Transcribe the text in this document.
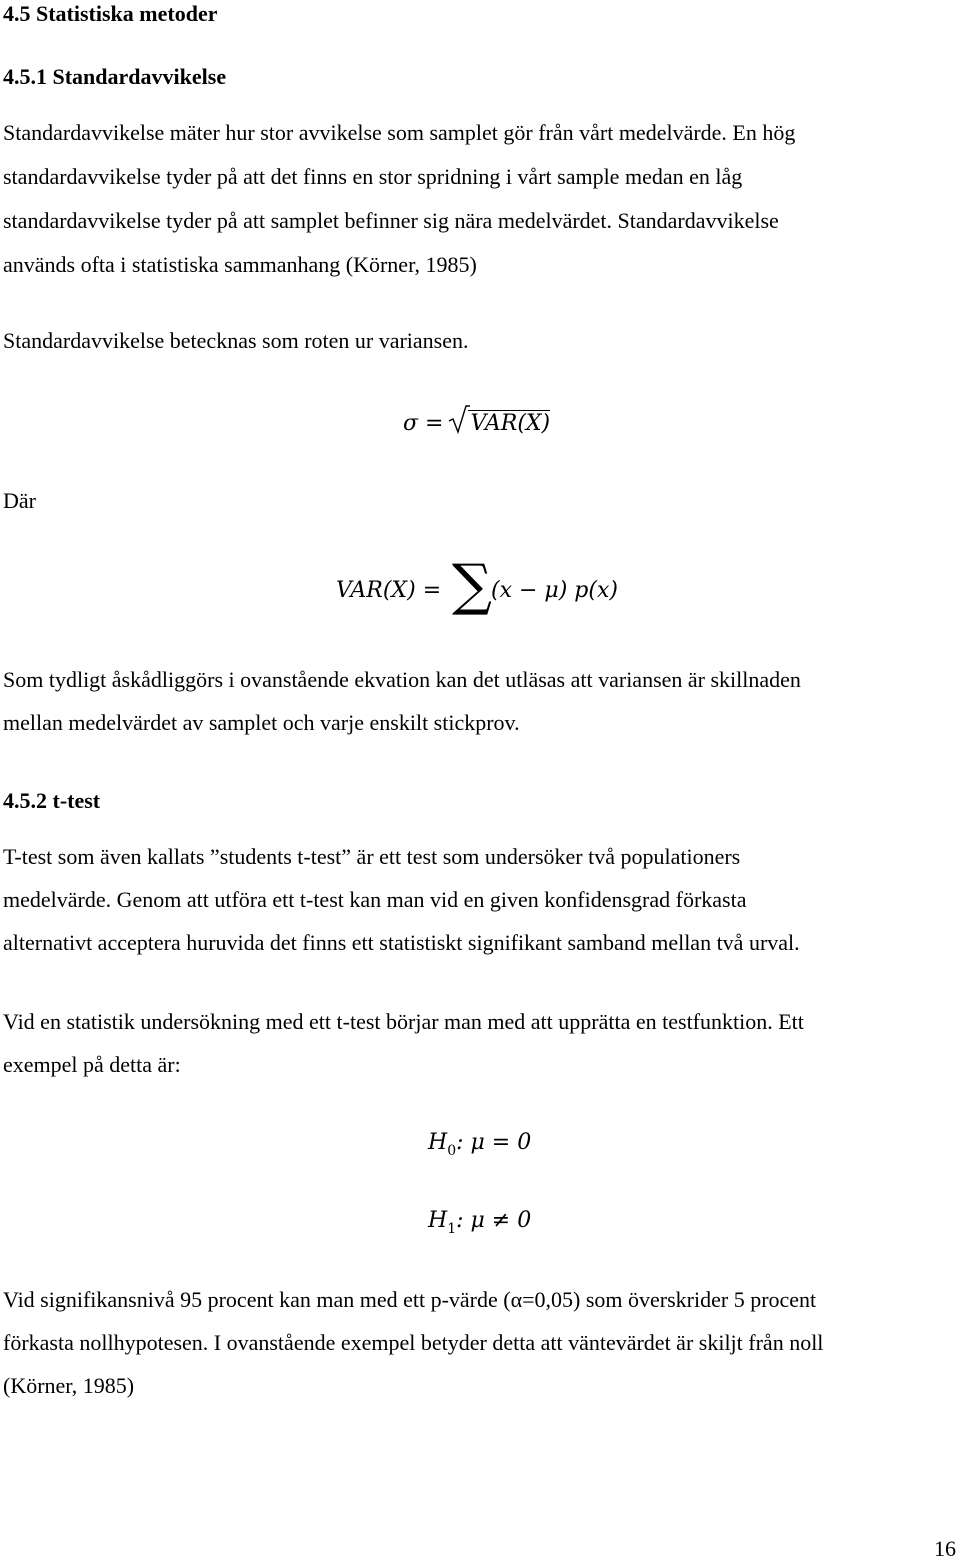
4.5 Statistiska metoder
4.5.1 Standardavvikelse
Standardavvikelse mäter hur stor avvikelse som samplet gör från vårt medelvärde. En hög
standardavvikelse tyder på att det finns en stor spridning i vårt sample medan en låg
standardavvikelse tyder på att samplet befinner sig nära medelvärdet. Standardavvikelse
används ofta i statistiska sammanhang (Körner, 1985)
Standardavvikelse betecknas som roten ur variansen.
σ = VAR(X)
Där
VAR(X) = ∑ (x − μ) p(x)
Som tydligt åskådliggörs i ovanstående ekvation kan det utläsas att variansen är skillnaden
mellan medelvärdet av samplet och varje enskilt stickprov.
4.5.2 t-test
T-test som även kallats ”students t-test” är ett test som undersöker två populationers
medelvärde. Genom att utföra ett t-test kan man vid en given konfidensgrad förkasta
alternativt acceptera huruvida det finns ett statistiskt signifikant samband mellan två urval.
Vid en statistik undersökning med ett t-test börjar man med att upprätta en testfunktion. Ett
exempel på detta är:
$H_0$: μ = 0
$H_1$: μ ≠ 0
Vid signifikansnivå 95 procent kan man med ett p-värde (α=0,05) som överskrider 5 procent
förkasta nollhypotesen. I ovanstående exempel betyder detta att väntevärdet är skiljt från noll
(Körner, 1985)
16
